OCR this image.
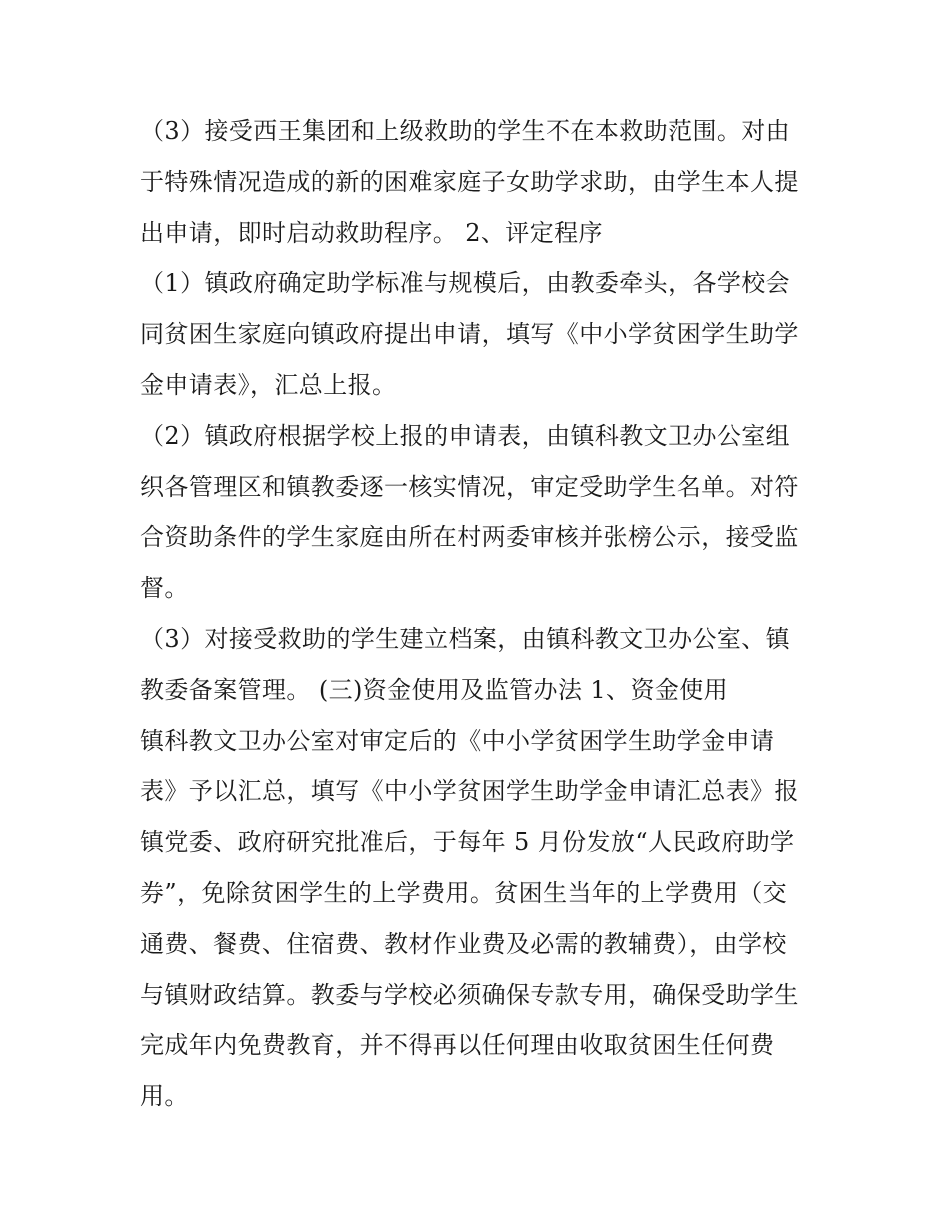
（3）接受西王集团和上级救助的学生不在本救助范围。对由
于特殊情况造成的新的困难家庭子女助学求助，由学生本人提
出申请，即时启动救助程序。 2、评定程序
（1）镇政府确定助学标准与规模后，由教委牵头，各学校会
同贫困生家庭向镇政府提出申请，填写《中小学贫困学生助学
金申请表》，汇总上报。
（2）镇政府根据学校上报的申请表，由镇科教文卫办公室组
织各管理区和镇教委逐一核实情况，审定受助学生名单。对符
合资助条件的学生家庭由所在村两委审核并张榜公示，接受监
督。
（3）对接受救助的学生建立档案，由镇科教文卫办公室、镇
教委备案管理。 (三)资金使用及监管办法 1、资金使用
镇科教文卫办公室对审定后的《中小学贫困学生助学金申请
表》予以汇总，填写《中小学贫困学生助学金申请汇总表》报
镇党委、政府研究批准后，于每年 5 月份发放“人民政府助学
券”，免除贫困学生的上学费用。贫困生当年的上学费用（交
通费、餐费、住宿费、教材作业费及必需的教辅费），由学校
与镇财政结算。教委与学校必须确保专款专用，确保受助学生
完成年内免费教育，并不得再以任何理由收取贫困生任何费
用。
